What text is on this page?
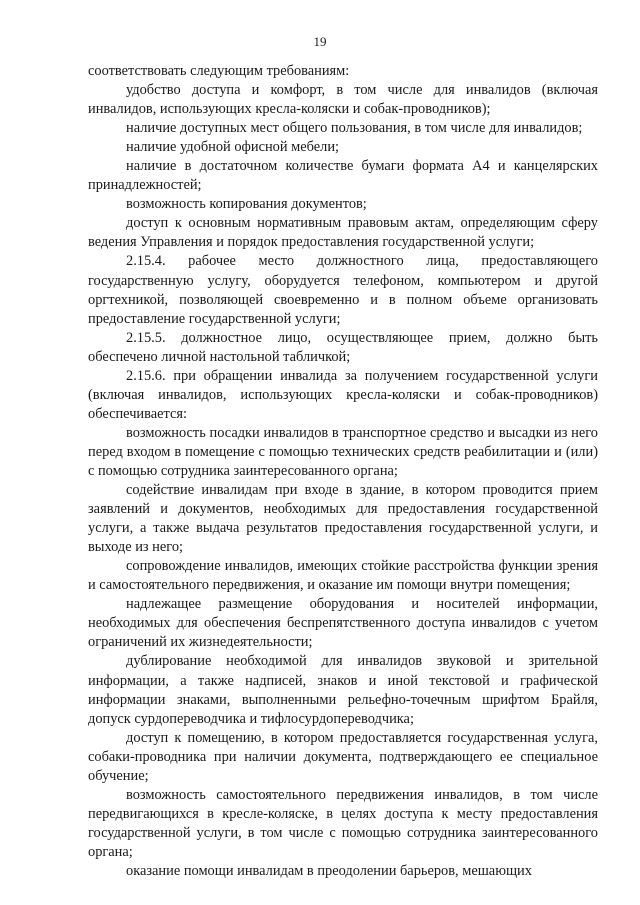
19

соответствовать следующим требованиям:

удобство доступа и комфорт, в том числе для инвалидов (включая инвалидов, использующих кресла-коляски и собак-проводников);

наличие доступных мест общего пользования, в том числе для инвалидов;

наличие удобной офисной мебели;

наличие в достаточном количестве бумаги формата А4 и канцелярских принадлежностей;

возможность копирования документов;

доступ к основным нормативным правовым актам, определяющим сферу ведения Управления и порядок предоставления государственной услуги;

2.15.4. рабочее место должностного лица, предоставляющего государственную услугу, оборудуется телефоном, компьютером и другой оргтехникой, позволяющей своевременно и в полном объеме организовать предоставление государственной услуги;

2.15.5. должностное лицо, осуществляющее прием, должно быть обеспечено личной настольной табличкой;

2.15.6. при обращении инвалида за получением государственной услуги (включая инвалидов, использующих кресла-коляски и собак-проводников) обеспечивается:

возможность посадки инвалидов в транспортное средство и высадки из него перед входом в помещение с помощью технических средств реабилитации и (или) с помощью сотрудника заинтересованного органа;

содействие инвалидам при входе в здание, в котором проводится прием заявлений и документов, необходимых для предоставления государственной услуги, а также выдача результатов предоставления государственной услуги, и выходе из него;

сопровождение инвалидов, имеющих стойкие расстройства функции зрения и самостоятельного передвижения, и оказание им помощи внутри помещения;

надлежащее размещение оборудования и носителей информации, необходимых для обеспечения беспрепятственного доступа инвалидов с учетом ограничений их жизнедеятельности;

дублирование необходимой для инвалидов звуковой и зрительной информации, а также надписей, знаков и иной текстовой и графической информации знаками, выполненными рельефно-точечным шрифтом Брайля, допуск сурдопереводчика и тифлосурдопереводчика;

доступ к помещению, в котором предоставляется государственная услуга, собаки-проводника при наличии документа, подтверждающего ее специальное обучение;

возможность самостоятельного передвижения инвалидов, в том числе передвигающихся в кресле-коляске, в целях доступа к месту предоставления государственной услуги, в том числе с помощью сотрудника заинтересованного органа;

оказание помощи инвалидам в преодолении барьеров, мешающих
